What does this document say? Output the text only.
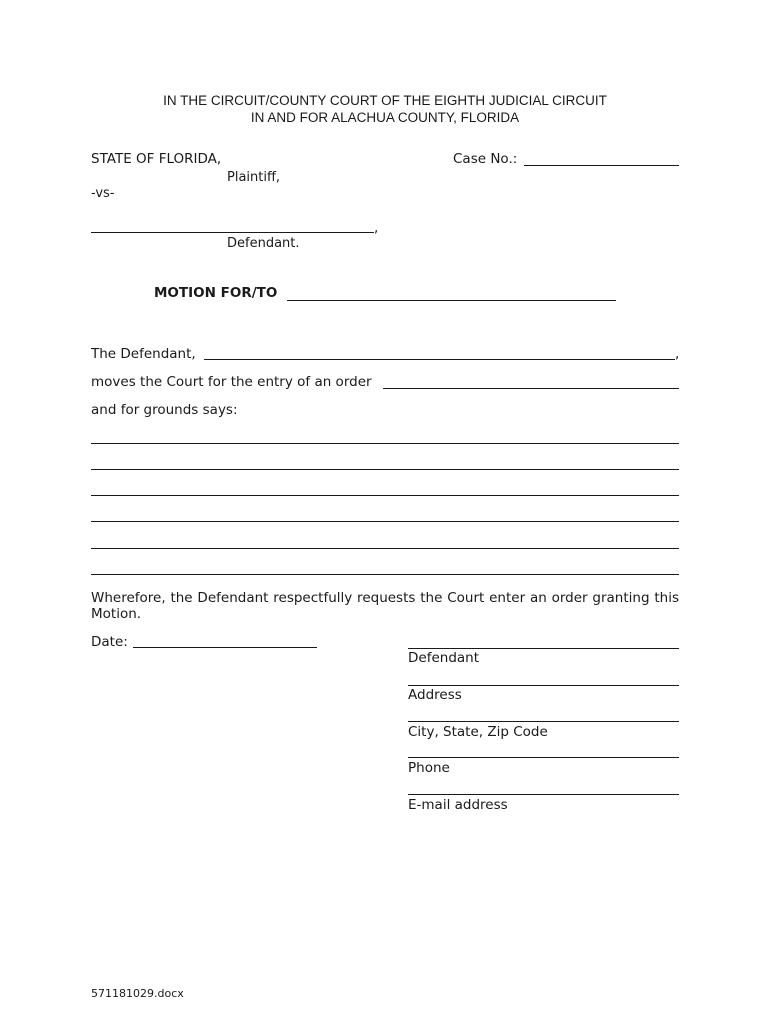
IN THE CIRCUIT/COUNTY COURT OF THE EIGHTH JUDICIAL CIRCUIT
IN AND FOR ALACHUA COUNTY, FLORIDA
STATE OF FLORIDA,
Plaintiff,
-vs-
Case No.:
,
Defendant.
MOTION FOR/TO
The Defendant,	,
moves the Court for the entry of an order
and for grounds says:
Wherefore, the Defendant respectfully requests the Court enter an order granting this Motion.
Date:
Defendant
Address
City, State, Zip Code
Phone
E-mail address
571181029.docx
